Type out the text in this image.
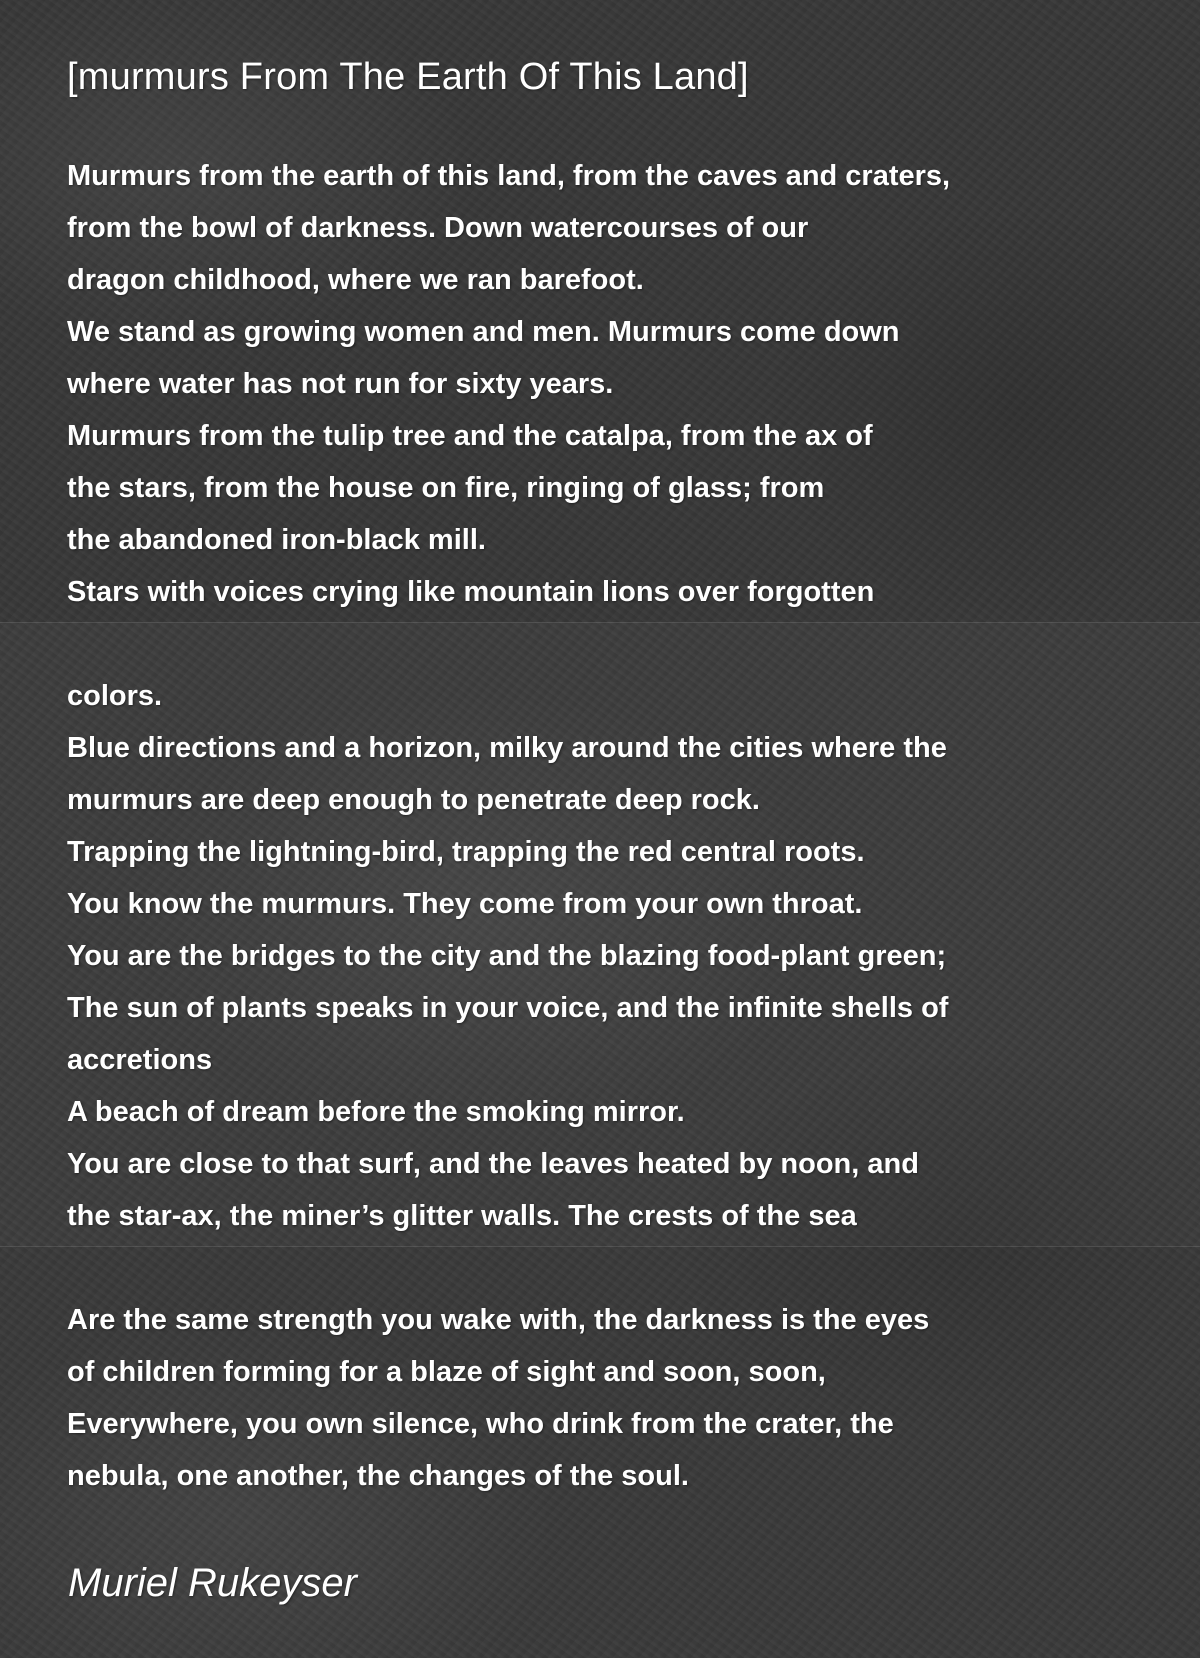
[murmurs From The Earth Of This Land]
Murmurs from the earth of this land, from the caves and craters,
from the bowl of darkness. Down watercourses of our
dragon childhood, where we ran barefoot.
We stand as growing women and men. Murmurs come down
where water has not run for sixty years.
Murmurs from the tulip tree and the catalpa, from the ax of
the stars, from the house on fire, ringing of glass; from
the abandoned iron-black mill.
Stars with voices crying like mountain lions over forgotten
colors.
Blue directions and a horizon, milky around the cities where the
murmurs are deep enough to penetrate deep rock.
Trapping the lightning-bird, trapping the red central roots.
You know the murmurs. They come from your own throat.
You are the bridges to the city and the blazing food-plant green;
The sun of plants speaks in your voice, and the infinite shells of
accretions
A beach of dream before the smoking mirror.
You are close to that surf, and the leaves heated by noon, and
the star-ax, the miner’s glitter walls. The crests of the sea
Are the same strength you wake with, the darkness is the eyes
of children forming for a blaze of sight and soon, soon,
Everywhere, you own silence, who drink from the crater, the
nebula, one another, the changes of the soul.

Muriel Rukeyser
